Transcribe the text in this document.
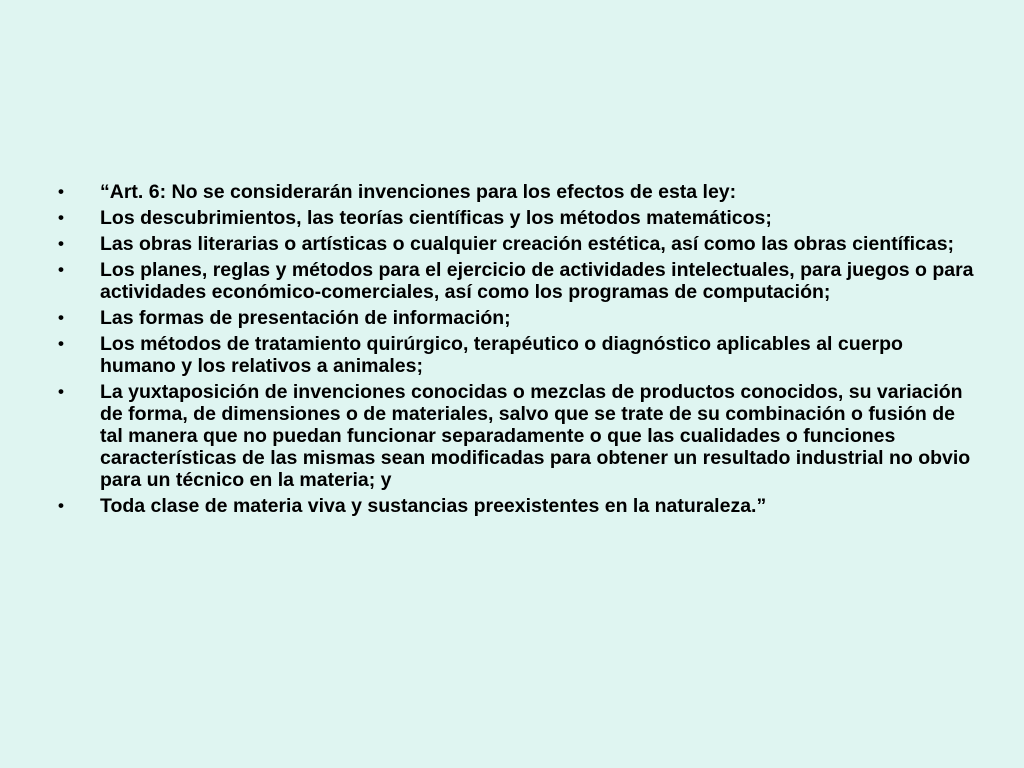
•	“Art. 6: No se considerarán invenciones para los efectos de esta ley:
•	Los descubrimientos, las teorías científicas y los métodos matemáticos;
•	Las obras literarias o artísticas o cualquier creación estética, así como las obras científicas;
•	Los planes, reglas y métodos para el ejercicio de actividades intelectuales, para juegos o para actividades económico-comerciales, así como los programas de computación;
•	Las formas de presentación de información;
•	Los métodos de tratamiento quirúrgico, terapéutico o diagnóstico aplicables al cuerpo humano y los relativos a animales;
•	La yuxtaposición de invenciones conocidas o mezclas de productos conocidos, su variación de forma, de dimensiones o de materiales, salvo que se trate de su combinación o fusión de tal manera que no puedan funcionar separadamente o que las cualidades o funciones características de las mismas sean modificadas para obtener un resultado industrial no obvio para un técnico en la materia; y
•	Toda clase de materia viva y sustancias preexistentes en la naturaleza.”
